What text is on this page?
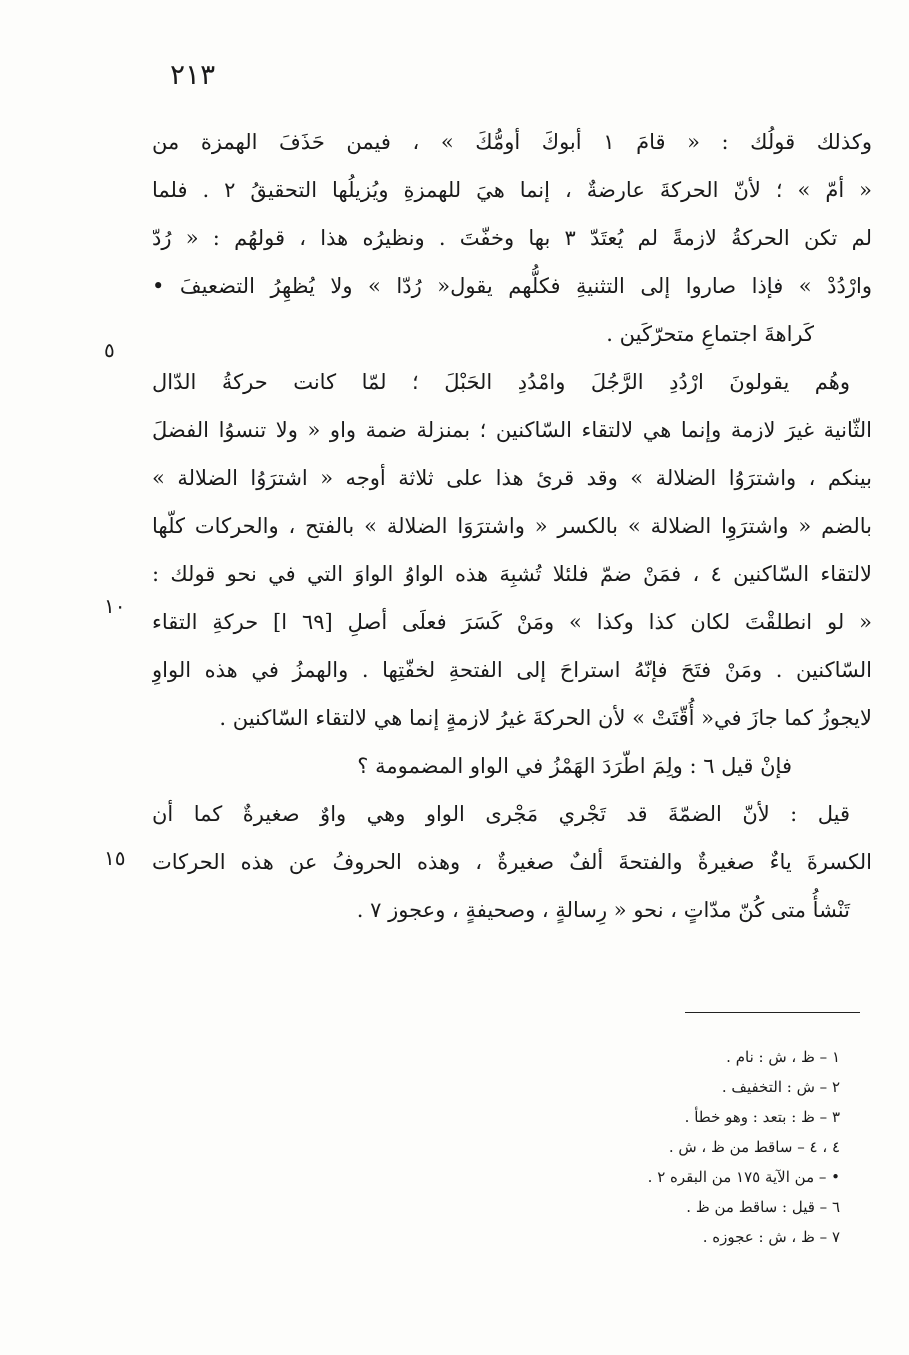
٢١٣
وكذلك قولُك : « قامَ ١ أبوكَ أومُّكَ » ، فيمن حَذَفَ الهمزة من
« أمّ » ؛ لأنّ الحركةَ عارضةٌ ، إنما هيَ للهمزةِ ويُزيلُها التحقيقُ ٢ . فلما
لم تكن الحركةُ لازمةً لم يُعتَدّ ٣ بها وخفّتَ . ونظيرُه هذا ، قولهُم : « رُدّ
وارْدُدْ » فإذا صاروا إلى التثنيةِ فكلُّهم يقول« رُدّا » ولا يُظهِرُ التضعيفَ •
كَراهةَ اجتماعِ متحرّكَين .
وهُم يقولونَ ارْدُدِ الرَّجُلَ وامْدُدِ الحَبْلَ ؛ لمّا كانت حركةُ الدّال
الثّانية غيرَ لازمة وإنما هي لالتقاء السّاكنين ؛ بمنزلة ضمة واو « ولا تنسوُا الفضلَ
بينكم ، واشترَوُا الضلالة » وقد قرئ هذا على ثلاثة أوجه « اشترَوُا الضلالة »
بالضم « واشترَوِا الضلالة » بالكسر « واشترَوَا الضلالة » بالفتح ، والحركات كلّها
لالتقاء السّاكنين ٤ ، فمَنْ ضمّ فلئلا تُشبِهَ هذه الواوُ الواوَ التي في نحو قولك :
« لو انطلقْتَ لكان كذا وكذا » ومَنْ كَسَرَ فعلَى أصلِ [٦٩ ا] حركةِ التقاء
السّاكنين . ومَنْ فتَحَ فإنّهُ استراحَ إلى الفتحةِ لخفّتِها . والهمزُ في هذه الواوِ
لايجوزُ كما جازَ في« أُقّتَتْ » لأن الحركةَ غيرُ لازمةٍ إنما هي لالتقاء السّاكنين .
فإنْ قيل ٦ : ولِمَ اطّرَدَ الهَمْزُ في الواو المضمومة ؟
قيل : لأنّ الضمّةَ قد تَجْري مَجْرى الواو وهي واوٌ صغيرةٌ كما أن
الكسرةَ ياءٌ صغيرةٌ والفتحةَ ألفٌ صغيرةٌ ، وهذه الحروفُ عن هذه الحركات
تَنْشأُ متى كُنّ مدّاتٍ ، نحو « رِسالةٍ ، وصحيفةٍ ، وعجوز ٧ .
٥
١٠
١٥
١ – ظ ، ش : نام .
٢ – ش : التخفيف .
٣ – ظ : بتعد : وهو خطأ .
٤ ، ٤ – ساقط من ظ ، ش .
• – من الآية ١٧٥ من البقره ٢ .
٦ – قيل : ساقط من ظ .
٧ – ظ ، ش : عجوزه .
